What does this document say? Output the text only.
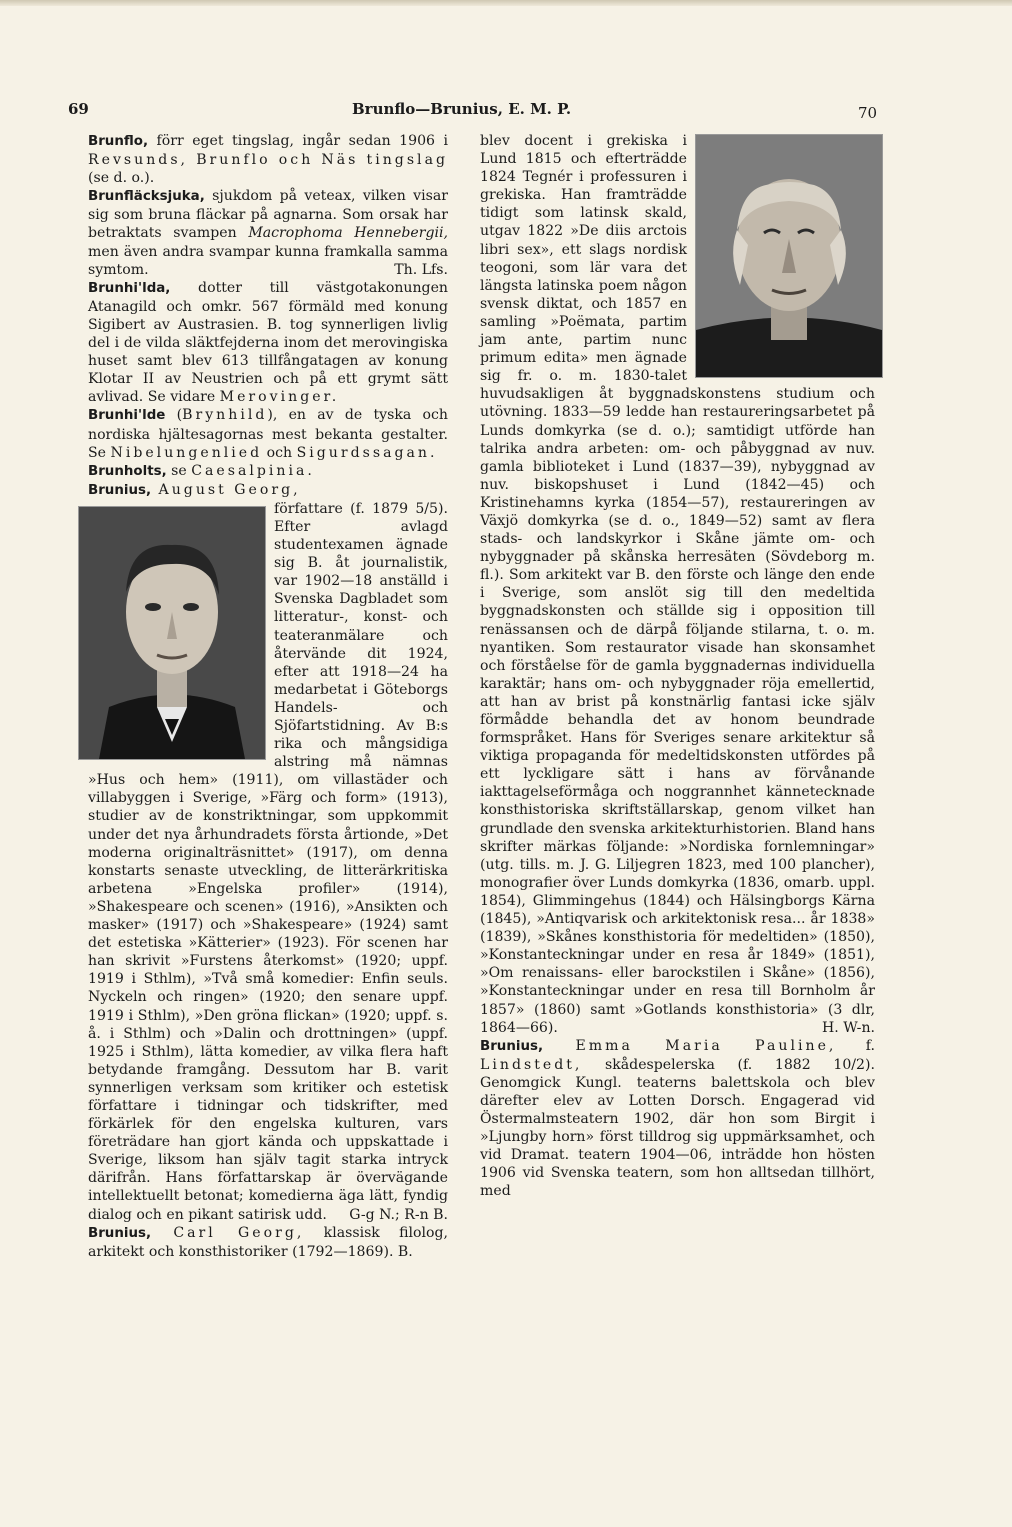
69	Brunflo—Brunius, E. M. P.	70

Brunflo, förr eget tingslag, ingår sedan 1906 i Revsunds, Brunflo och Näs tingslag (se d. o.).

Brunfläcksjuka, sjukdom på veteax, vilken visar sig som bruna fläckar på agnarna. Som orsak har betraktats svampen Macrophoma Hennebergii, men även andra svampar kunna framkalla samma symtom.	Th. Lfs.

Brunhi'lda, dotter till västgotakonungen Atanagild och omkr. 567 förmäld med konung Sigibert av Austrasien. B. tog synnerligen livlig del i de vilda släktfejderna inom det merovingiska huset samt blev 613 tillfångatagen av konung Klotar II av Neustrien och på ett grymt sätt avlivad. Se vidare Merovinger.

Brunhi'lde (Brynhild), en av de tyska och nordiska hjältesagornas mest bekanta gestalter. Se Nibelungenlied och Sigurdssagan.

Brunholts, se Caesalpinia.

Brunius, August Georg,

författare (f. 1879 5/5). Efter avlagd studentexamen ägnade sig B. åt journalistik, var 1902—18 anställd i Svenska Dagbladet som litteratur-, konst- och teateranmälare och återvände dit 1924, efter att 1918—24 ha medarbetat i Göteborgs Handels- och Sjöfartstidning. Av B:s rika och mångsidiga alstring må nämnas »Hus och hem» (1911), om villastäder och villabyggen i Sverige, »Färg och form» (1913), studier av de konstriktningar, som uppkommit under det nya århundradets första årtionde, »Det moderna originalträsnittet» (1917), om denna konstarts senaste utveckling, de litterärkritiska arbetena »Engelska profiler» (1914), »Shakespeare och scenen» (1916), »Ansikten och masker» (1917) och »Shakespeare» (1924) samt det estetiska »Kätterier» (1923). För scenen har han skrivit »Furstens återkomst» (1920; uppf. 1919 i Sthlm), »Två små komedier: Enfin seuls. Nyckeln och ringen» (1920; den senare uppf. 1919 i Sthlm), »Den gröna flickan» (1920; uppf. s. å. i Sthlm) och »Dalin och drottningen» (uppf. 1925 i Sthlm), lätta komedier, av vilka flera haft betydande framgång. Dessutom har B. varit synnerligen verksam som kritiker och estetisk författare i tidningar och tidskrifter, med förkärlek för den engelska kulturen, vars företrädare han gjort kända och uppskattade i Sverige, liksom han själv tagit starka intryck därifrån. Hans författarskap är övervägande intellektuellt betonat; komedierna äga lätt, fyndig dialog och en pikant satirisk udd. G-g N.; R-n B.

Brunius, Carl Georg, klassisk filolog, arkitekt och konsthistoriker (1792—1869). B.

blev docent i grekiska i Lund 1815 och efterträdde 1824 Tegnér i professuren i grekiska. Han framträdde tidigt som latinsk skald, utgav 1822 »De diis arctois libri sex», ett slags nordisk teogoni, som lär vara det längsta latinska poem någon svensk diktat, och 1857 en samling »Poëmata, partim jam ante, partim nunc primum edita» men ägnade sig fr. o. m. 1830-talet huvudsakligen åt byggnadskonstens studium och utövning. 1833—59 ledde han restaureringsarbetet på Lunds domkyrka (se d. o.); samtidigt utförde han talrika andra arbeten: om- och påbyggnad av nuv. gamla biblioteket i Lund (1837—39), nybyggnad av nuv. biskopshuset i Lund (1842—45) och Kristinehamns kyrka (1854—57), restaureringen av Växjö domkyrka (se d. o., 1849—52) samt av flera stads- och landskyrkor i Skåne jämte om- och nybyggnader på skånska herresäten (Sövdeborg m. fl.). Som arkitekt var B. den förste och länge den ende i Sverige, som anslöt sig till den medeltida byggnadskonsten och ställde sig i opposition till renässansen och de därpå följande stilarna, t. o. m. nyantiken. Som restaurator visade han skonsamhet och förståelse för de gamla byggnadernas individuella karaktär; hans om- och nybyggnader röja emellertid, att han av brist på konstnärlig fantasi icke själv förmådde behandla det av honom beundrade formspråket. Hans för Sveriges senare arkitektur så viktiga propaganda för medeltidskonsten utfördes på ett lyckligare sätt i hans av förvånande iakttagelseförmåga och noggrannhet kännetecknade konsthistoriska skriftställarskap, genom vilket han grundlade den svenska arkitekturhistorien. Bland hans skrifter märkas följande: »Nordiska fornlemningar» (utg. tills. m. J. G. Liljegren 1823, med 100 plancher), monografier över Lunds domkyrka (1836, omarb. uppl. 1854), Glimmingehus (1844) och Hälsingborgs Kärna (1845), »Antiqvarisk och arkitektonisk resa... år 1838» (1839), »Skånes konsthistoria för medeltiden» (1850), »Konstanteckningar under en resa år 1849» (1851), »Om renaissans- eller barockstilen i Skåne» (1856), »Konstanteckningar under en resa till Bornholm år 1857» (1860) samt »Gotlands konsthistoria» (3 dlr, 1864—66).	H. W-n.

Brunius, Emma Maria Pauline, f. Lindstedt, skådespelerska (f. 1882 10/2). Genomgick Kungl. teaterns balettskola och blev därefter elev av Lotten Dorsch. Engagerad vid Östermalmsteatern 1902, där hon som Birgit i »Ljungby horn» först tilldrog sig uppmärksamhet, och vid Dramat. teatern 1904—06, inträdde hon hösten 1906 vid Svenska teatern, som hon alltsedan tillhört, med
